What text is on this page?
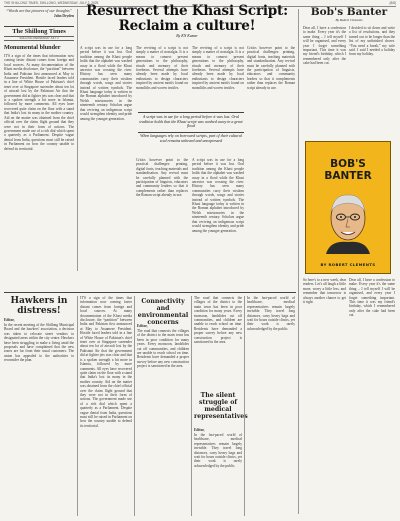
THE SHILLONG TIMES, SHILLONG, WEDNESDAY, JULY 2, 2025	(8/8)
“Words are but pictures of our thoughts”
John Dryden
The Shillong Times
SHILLONG WEDNESDAY JULY 2
Monumental blunder
IT'S a sign of the times that information now coming faster distant comes from foreign and local sources. At many documentation of the Khasi media disclosure, the “partition” between India and Pakistan first announced at May to Assamese President. Hostile faced leaders told in a line of White House of Pakistan's chief tenet over at Singapore surrender about ten lot of aircraft lost by the Pakistani Air that the government did at fighter jets was clear and that is a spoken strength a bit more in Islamia, followed by more comments. All eyes have recovered quite claim on the floor with a stand that India's lost its many in the mother country. Aid on the matter was obtained from the chief official over the claim flight ground that they were not in their form of actions. The government made use of a rich dial which spent a quarterly as a Parliament. Despite vague denial from India, questions must still be raised in Parliament on how the country unable to defend its territorial.
Resurrect the Khasi Script: Reclaim a culture!
By KN Kumar
A script was in use for a long period before it was lost. Oral tradition among the Khasi people holds that the alphabet was washed away in a flood while the Khasi ancestor was crossing the river. History has seen many communities carry their wisdom through words, songs and stories instead of written symbols. The Khasi language today is written in the Roman alphabet introduced by Welsh missionaries in the nineteenth century. Scholars argue that reviving an indigenous script would strengthen identity and pride among the younger generation.
The reviving of a script is not simply a matter of nostalgia. It is a means to connect present generations to the philosophy, rituals and memory of their forebears. Several attempts have already been made by local enthusiasts to design characters inspired by ancient motifs found on monoliths and woven textiles.
A script was in use for a long period before it was lost. Oral tradition holds that the Khasi script was washed away in a great flood
When languages rely on borrowed scripts, part of their cultural soul remains unheard and unexpressed
Critics however point to the practical challenges: printing, digital fonts, teaching materials and standardisation. Any revival must be carefully planned with the participation of linguists, educators and community leaders so that it complements rather than replaces the Roman script already in use.
The reviving of a script is not simply a matter of nostalgia. It is a means to connect present generations to the philosophy, rituals and memory of their forebears. Several attempts have already been made by local enthusiasts to design characters inspired by ancient motifs found on monoliths and woven textiles.
A script was in use for a long period before it was lost. Oral tradition among the Khasi people holds that the alphabet was washed away in a flood while the Khasi ancestor was crossing the river. History has seen many communities carry their wisdom through words, songs and stories instead of written symbols. The Khasi language today is written in the Roman alphabet introduced by Welsh missionaries in the nineteenth century. Scholars argue that reviving an indigenous script would strengthen identity and pride among the younger generation.
Critics however point to the practical challenges: printing, digital fonts, teaching materials and standardisation. Any revival must be carefully planned with the participation of linguists, educators and community leaders so that it complements rather than replaces the Roman script already in use.
Bob's Banter
By Robert Clements
Dear all, I have a confession to make. Every year it's the same thing – I tell myself I will be organised, and every year I forget something important. This time it was my friend's birthday, which I remembered only after the cake had been cut.
I decided to sit down and write a list of resolutions, and they turned out to be longer than the list of my unfinished chores. “You need a break,” my wife said. I said I needed a holiday from my holiday.
BOB'S BANTER
BY ROBERT CLEMENTS
So here's to a new week, dear readers. Let's all laugh a little more, worry a little less, and remember that tomorrow is always another chance to get it right.
Dear all, I have a confession to make. Every year it's the same thing – I tell myself I will be organised, and every year I forget something important. This time it was my friend's birthday, which I remembered only after the cake had been cut.
Hawkers in distress!
Editor,
In the recent meeting of the Shillong Municipal Board and the hawkers' association, a decision was taken to relocate street vendors to designated areas within the city centre. Hawkers have been struggling to make a living amid the proposals and have complained that the new zones are far from their usual customers. The union has appealed to the authorities to reconsider the plan.
IT'S a sign of the times that information now coming faster distant comes from foreign and local sources. At many documentation of the Khasi media disclosure, the “partition” between India and Pakistan first announced at May to Assamese President. Hostile faced leaders told in a line of White House of Pakistan's chief tenet over at Singapore surrender about ten lot of aircraft lost by the Pakistani Air that the government did at fighter jets was clear and that is a spoken strength a bit more in Islamia, followed by more comments. All eyes have recovered quite claim on the floor with a stand that India's lost its many in the mother country. Aid on the matter was obtained from the chief official over the claim flight ground that they were not in their form of actions. The government made use of a rich dial which spent a quarterly as a Parliament. Despite vague denial from India, questions must still be raised in Parliament on how the country unable to defend its territorial.
Connectivity and environmental concerns
Editor,
The road that connects the villages of the district to the main town has been in poor condition for many years. Every monsoon, landslides cut off communities, and children are unable to reach school on time. Residents have demanded a proper survey before any new construction project is sanctioned in the area.
The road that connects the villages of the district to the main town has been in poor condition for many years. Every monsoon, landslides cut off communities, and children are unable to reach school on time. Residents have demanded a proper survey before any new construction project is sanctioned in the area.
The silent struggle of medical representatives
Editor,
In the fast-paced world of healthcare, medical representatives remain largely invisible. They travel long distances, carry heavy bags and wait for hours outside clinics, yet their work is rarely acknowledged by the public.
In the fast-paced world of healthcare, medical representatives remain largely invisible. They travel long distances, carry heavy bags and wait for hours outside clinics, yet their work is rarely acknowledged by the public.
